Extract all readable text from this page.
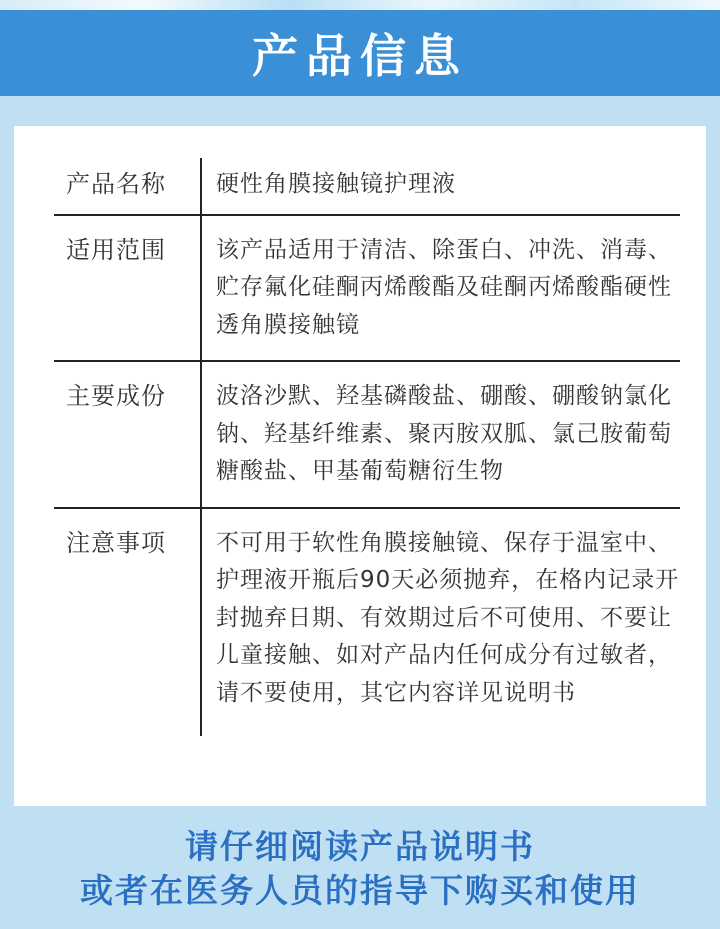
产品信息
产品名称	硬性角膜接触镜护理液
适用范围	该产品适用于清洁、除蛋白、冲洗、消毒、贮存氟化硅酮丙烯酸酯及硅酮丙烯酸酯硬性透角膜接触镜
主要成份	波洛沙默、羟基磷酸盐、硼酸、硼酸钠氯化钠、羟基纤维素、聚丙胺双胍、氯己胺葡萄糖酸盐、甲基葡萄糖衍生物
注意事项	不可用于软性角膜接触镜、保存于温室中、护理液开瓶后90天必须抛弃，在格内记录开封抛弃日期、有效期过后不可使用、不要让儿童接触、如对产品内任何成分有过敏者，请不要使用，其它内容详见说明书
请仔细阅读产品说明书
或者在医务人员的指导下购买和使用
